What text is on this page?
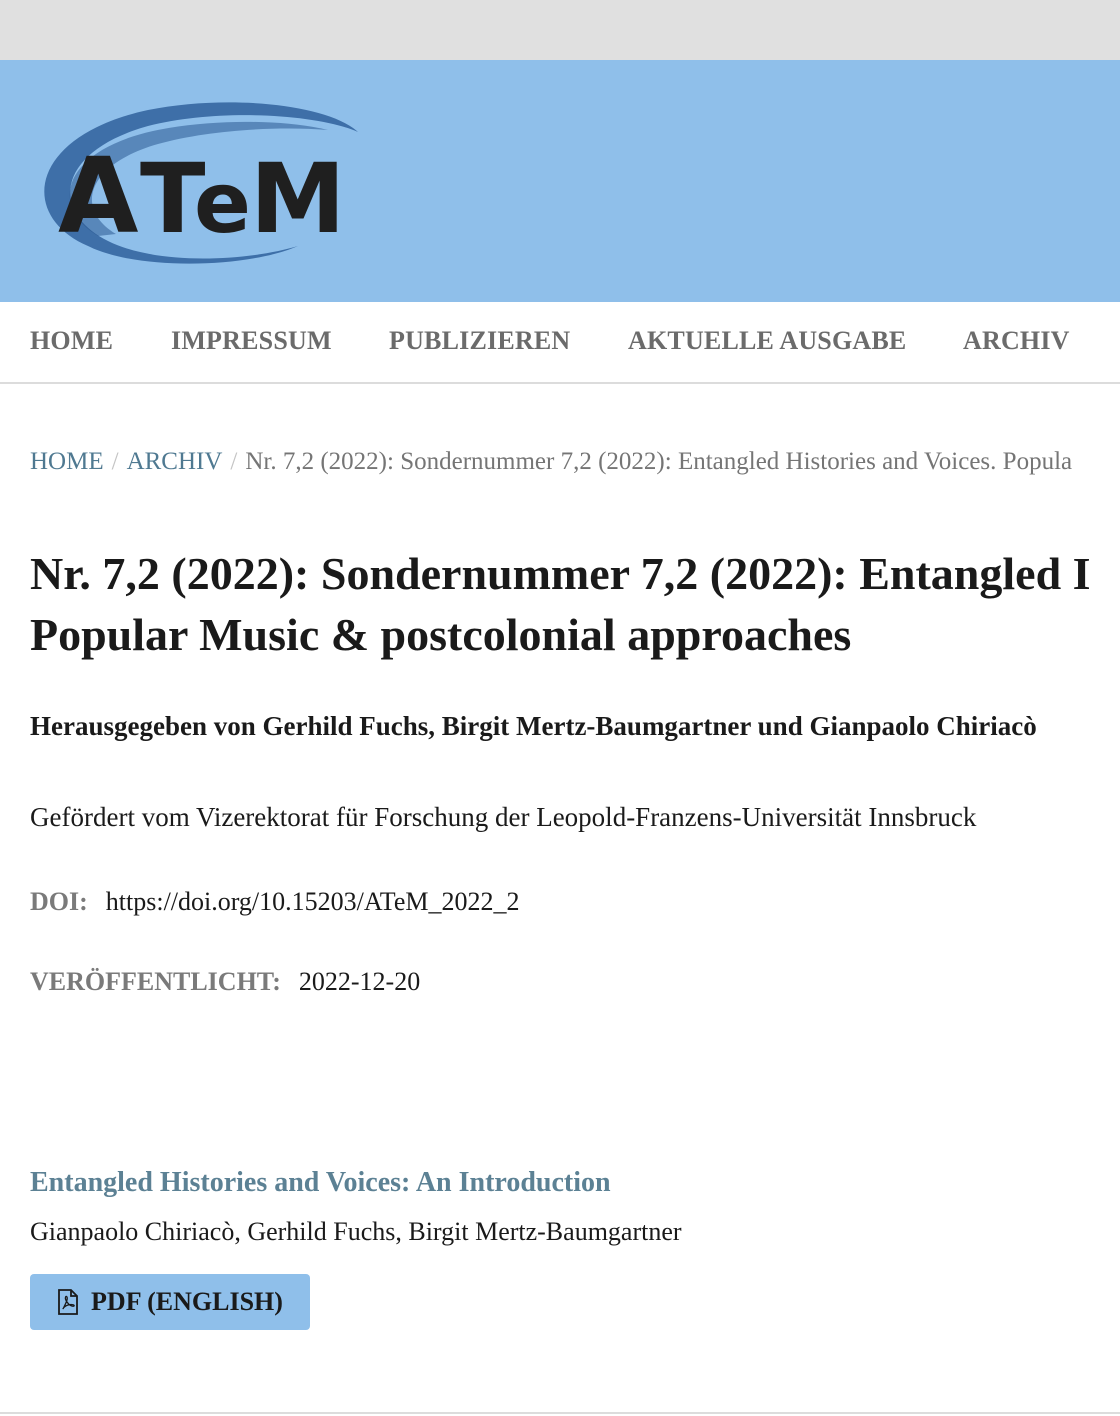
A T
e M
HOME IMPRESSUM PUBLIZIEREN AKTUELLE AUSGABE ARCHIV
HOME / ARCHIV / Nr. 7,2 (2022): Sondernummer 7,2 (2022): Entangled Histories and Voices. Popula
Nr. 7,2 (2022): Sondernummer 7,2 (2022): Entangled I
Popular Music & postcolonial approaches

Herausgegeben von Gerhild Fuchs, Birgit Mertz-Baumgartner und Gianpaolo Chiriacò

Gefördert vom Vizerektorat für Forschung der Leopold-Franzens-Universität Innsbruck

DOI: https://doi.org/10.15203/ATeM_2022_2
VERÖFFENTLICHT: 2022-12-20
Entangled Histories and Voices: An Introduction

Gianpaolo Chiriacò, Gerhild Fuchs, Birgit Mertz-Baumgartner

PDF (ENGLISH)
